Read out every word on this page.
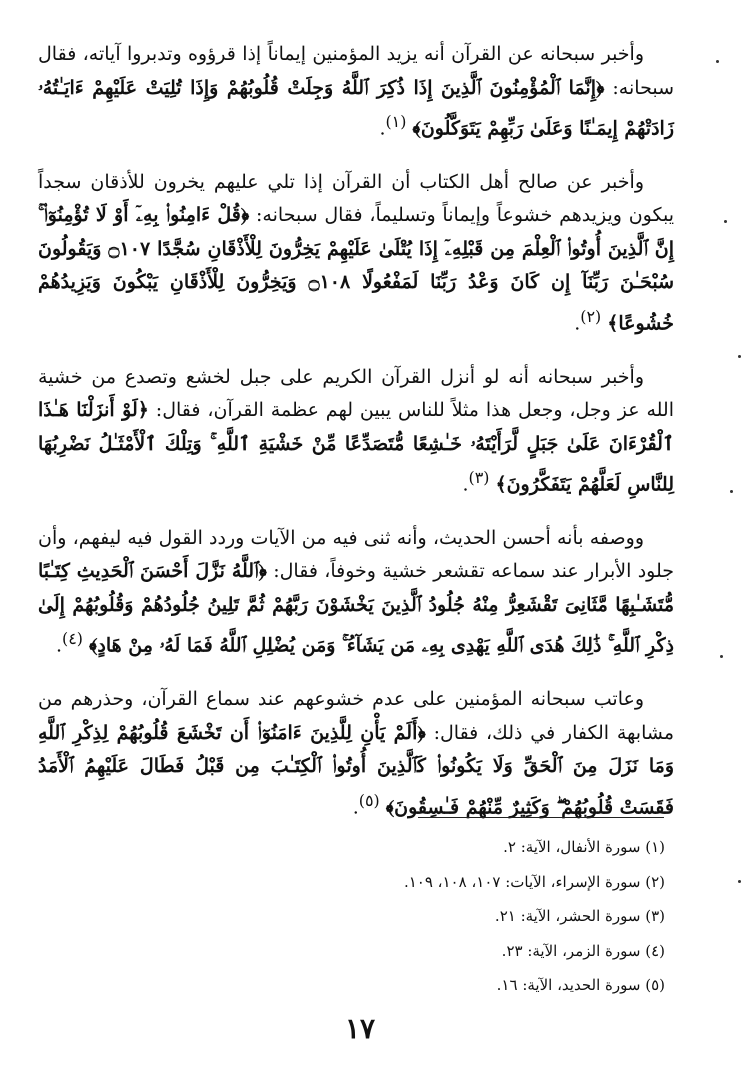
وأخبر سبحانه عن القرآن أنه يزيد المؤمنين إيماناً إذا قرؤوه وتدبروا آياته، فقال سبحانه: ﴿إِنَّمَا ٱلْمُؤْمِنُونَ ٱلَّذِينَ إِذَا ذُكِرَ ٱللَّهُ وَجِلَتْ قُلُوبُهُمْ وَإِذَا تُلِيَتْ عَلَيْهِمْ ءَايَـٰتُهُۥ زَادَتْهُمْ إِيمَـٰنًا وَعَلَىٰ رَبِّهِمْ يَتَوَكَّلُونَ﴾ $^{(١)}$.

وأخبر عن صالح أهل الكتاب أن القرآن إذا تلي عليهم يخرون للأذقان سجداً يبكون ويزيدهم خشوعاً وإيماناً وتسليماً، فقال سبحانه: ﴿قُلْ ءَامِنُوا۟ بِهِۦٓ أَوْ لَا تُؤْمِنُوٓا۟ ۚ إِنَّ ٱلَّذِينَ أُوتُوا۟ ٱلْعِلْمَ مِن قَبْلِهِۦٓ إِذَا يُتْلَىٰ عَلَيْهِمْ يَخِرُّونَ لِلْأَذْقَانِ سُجَّدًا ۝١٠٧ وَيَقُولُونَ سُبْحَـٰنَ رَبِّنَآ إِن كَانَ وَعْدُ رَبِّنَا لَمَفْعُولًا ۝١٠٨ وَيَخِرُّونَ لِلْأَذْقَانِ يَبْكُونَ وَيَزِيدُهُمْ خُشُوعًا﴾ $^{(٢)}$.

وأخبر سبحانه أنه لو أنزل القرآن الكريم على جبل لخشع وتصدع من خشية الله عز وجل، وجعل هذا مثلاً للناس يبين لهم عظمة القرآن، فقال: ﴿لَوْ أَنزَلْنَا هَـٰذَا ٱلْقُرْءَانَ عَلَىٰ جَبَلٍ لَّرَأَيْتَهُۥ خَـٰشِعًا مُّتَصَدِّعًا مِّنْ خَشْيَةِ ٱللَّهِ ۚ وَتِلْكَ ٱلْأَمْثَـٰلُ نَضْرِبُهَا لِلنَّاسِ لَعَلَّهُمْ يَتَفَكَّرُونَ﴾ $^{(٣)}$.

ووصفه بأنه أحسن الحديث، وأنه ثنى فيه من الآيات وردد القول فيه ليفهم، وأن جلود الأبرار عند سماعه تقشعر خشية وخوفاً، فقال: ﴿ٱللَّهُ نَزَّلَ أَحْسَنَ ٱلْحَدِيثِ كِتَـٰبًا مُّتَشَـٰبِهًا مَّثَانِىَ تَقْشَعِرُّ مِنْهُ جُلُودُ ٱلَّذِينَ يَخْشَوْنَ رَبَّهُمْ ثُمَّ تَلِينُ جُلُودُهُمْ وَقُلُوبُهُمْ إِلَىٰ ذِكْرِ ٱللَّهِ ۚ ذَٰلِكَ هُدَى ٱللَّهِ يَهْدِى بِهِۦ مَن يَشَآءُ ۚ وَمَن يُضْلِلِ ٱللَّهُ فَمَا لَهُۥ مِنْ هَادٍ﴾ $^{(٤)}$.

وعاتب سبحانه المؤمنين على عدم خشوعهم عند سماع القرآن، وحذرهم من مشابهة الكفار في ذلك، فقال: ﴿أَلَمْ يَأْنِ لِلَّذِينَ ءَامَنُوٓا۟ أَن تَخْشَعَ قُلُوبُهُمْ لِذِكْرِ ٱللَّهِ وَمَا نَزَلَ مِنَ ٱلْحَقِّ وَلَا يَكُونُوا۟ كَٱلَّذِينَ أُوتُوا۟ ٱلْكِتَـٰبَ مِن قَبْلُ فَطَالَ عَلَيْهِمُ ٱلْأَمَدُ فَقَسَتْ قُلُوبُهُمْ ۖ وَكَثِيرٌ مِّنْهُمْ فَـٰسِقُونَ﴾ $^{(٥)}$.

(١) سورة الأنفال، الآية: ٢.

(٢) سورة الإسراء، الآيات: ١٠٧، ١٠٨، ١٠٩.

(٣) سورة الحشر، الآية: ٢١.

(٤) سورة الزمر، الآية: ٢٣.

(٥) سورة الحديد، الآية: ١٦.

١٧
